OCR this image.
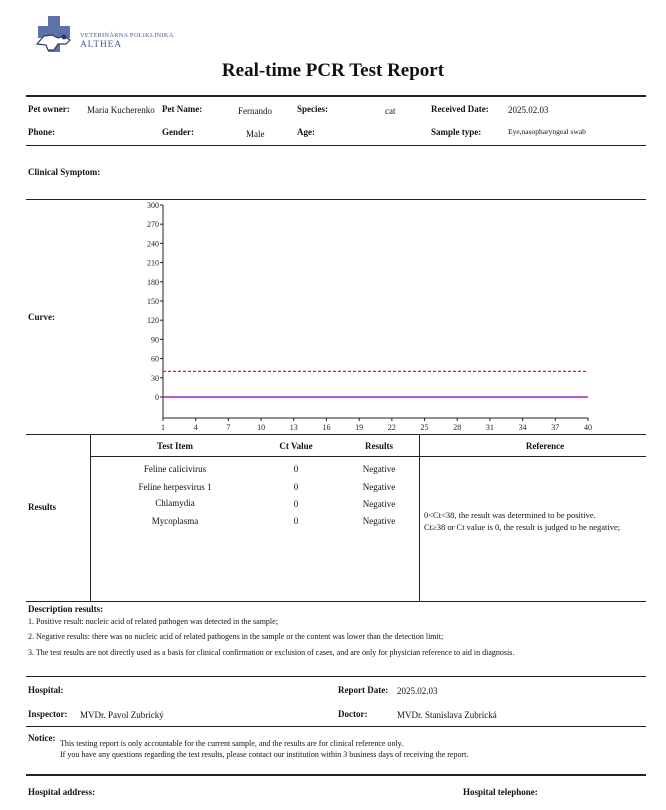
VETERINÁRNA POLIKLINIKA
ALTHEA
Real-time PCR Test Report
Pet owner: Maria Kucherenko Pet Name:	Fernando	Species:	cat	Received Date: 2025.02.03
Phone:	Gender:	Male	Age:	Sample type:	Eye,nasopharyngeal swab
Clinical Symptom:
Curve:
0
30
60
90
120
150
180
210
240
270
300
1	4	7	10	13	16	19	22	25	28	31	34	37	40
Results
Test Item	Ct Value	Results	Reference
Feline calicivirus	0	Negative
Feline herpesvirus 1	0	Negative
Chlamydia	0	Negative
Mycoplasma	0	Negative
0<Ct<38, the result was determined to be positive.
Ct≥38 or Ct value is 0, the result is judged to be negative;
Description results:
1. Positive result: nucleic acid of related pathogen was detected in the sample;
2. Negative results: there was no nucleic acid of related pathogens in the sample or the content was lower than the detection limit;
3. The test results are not directly used as a basis for clinical confirmation or exclusion of cases, and are only for physician reference to aid in diagnosis.
Hospital:	Report Date: 2025.02.03
Inspector: MVDr. Pavol Zubrický	Doctor:	MVDr. Stanislava Zubrická
Notice:
This testing report is only accountable for the current sample, and the results are for clinical reference only.
If you have any questions regarding the test results, please contact our institution within 3 business days of receiving the report.
Hospital address:	Hospital telephone:
